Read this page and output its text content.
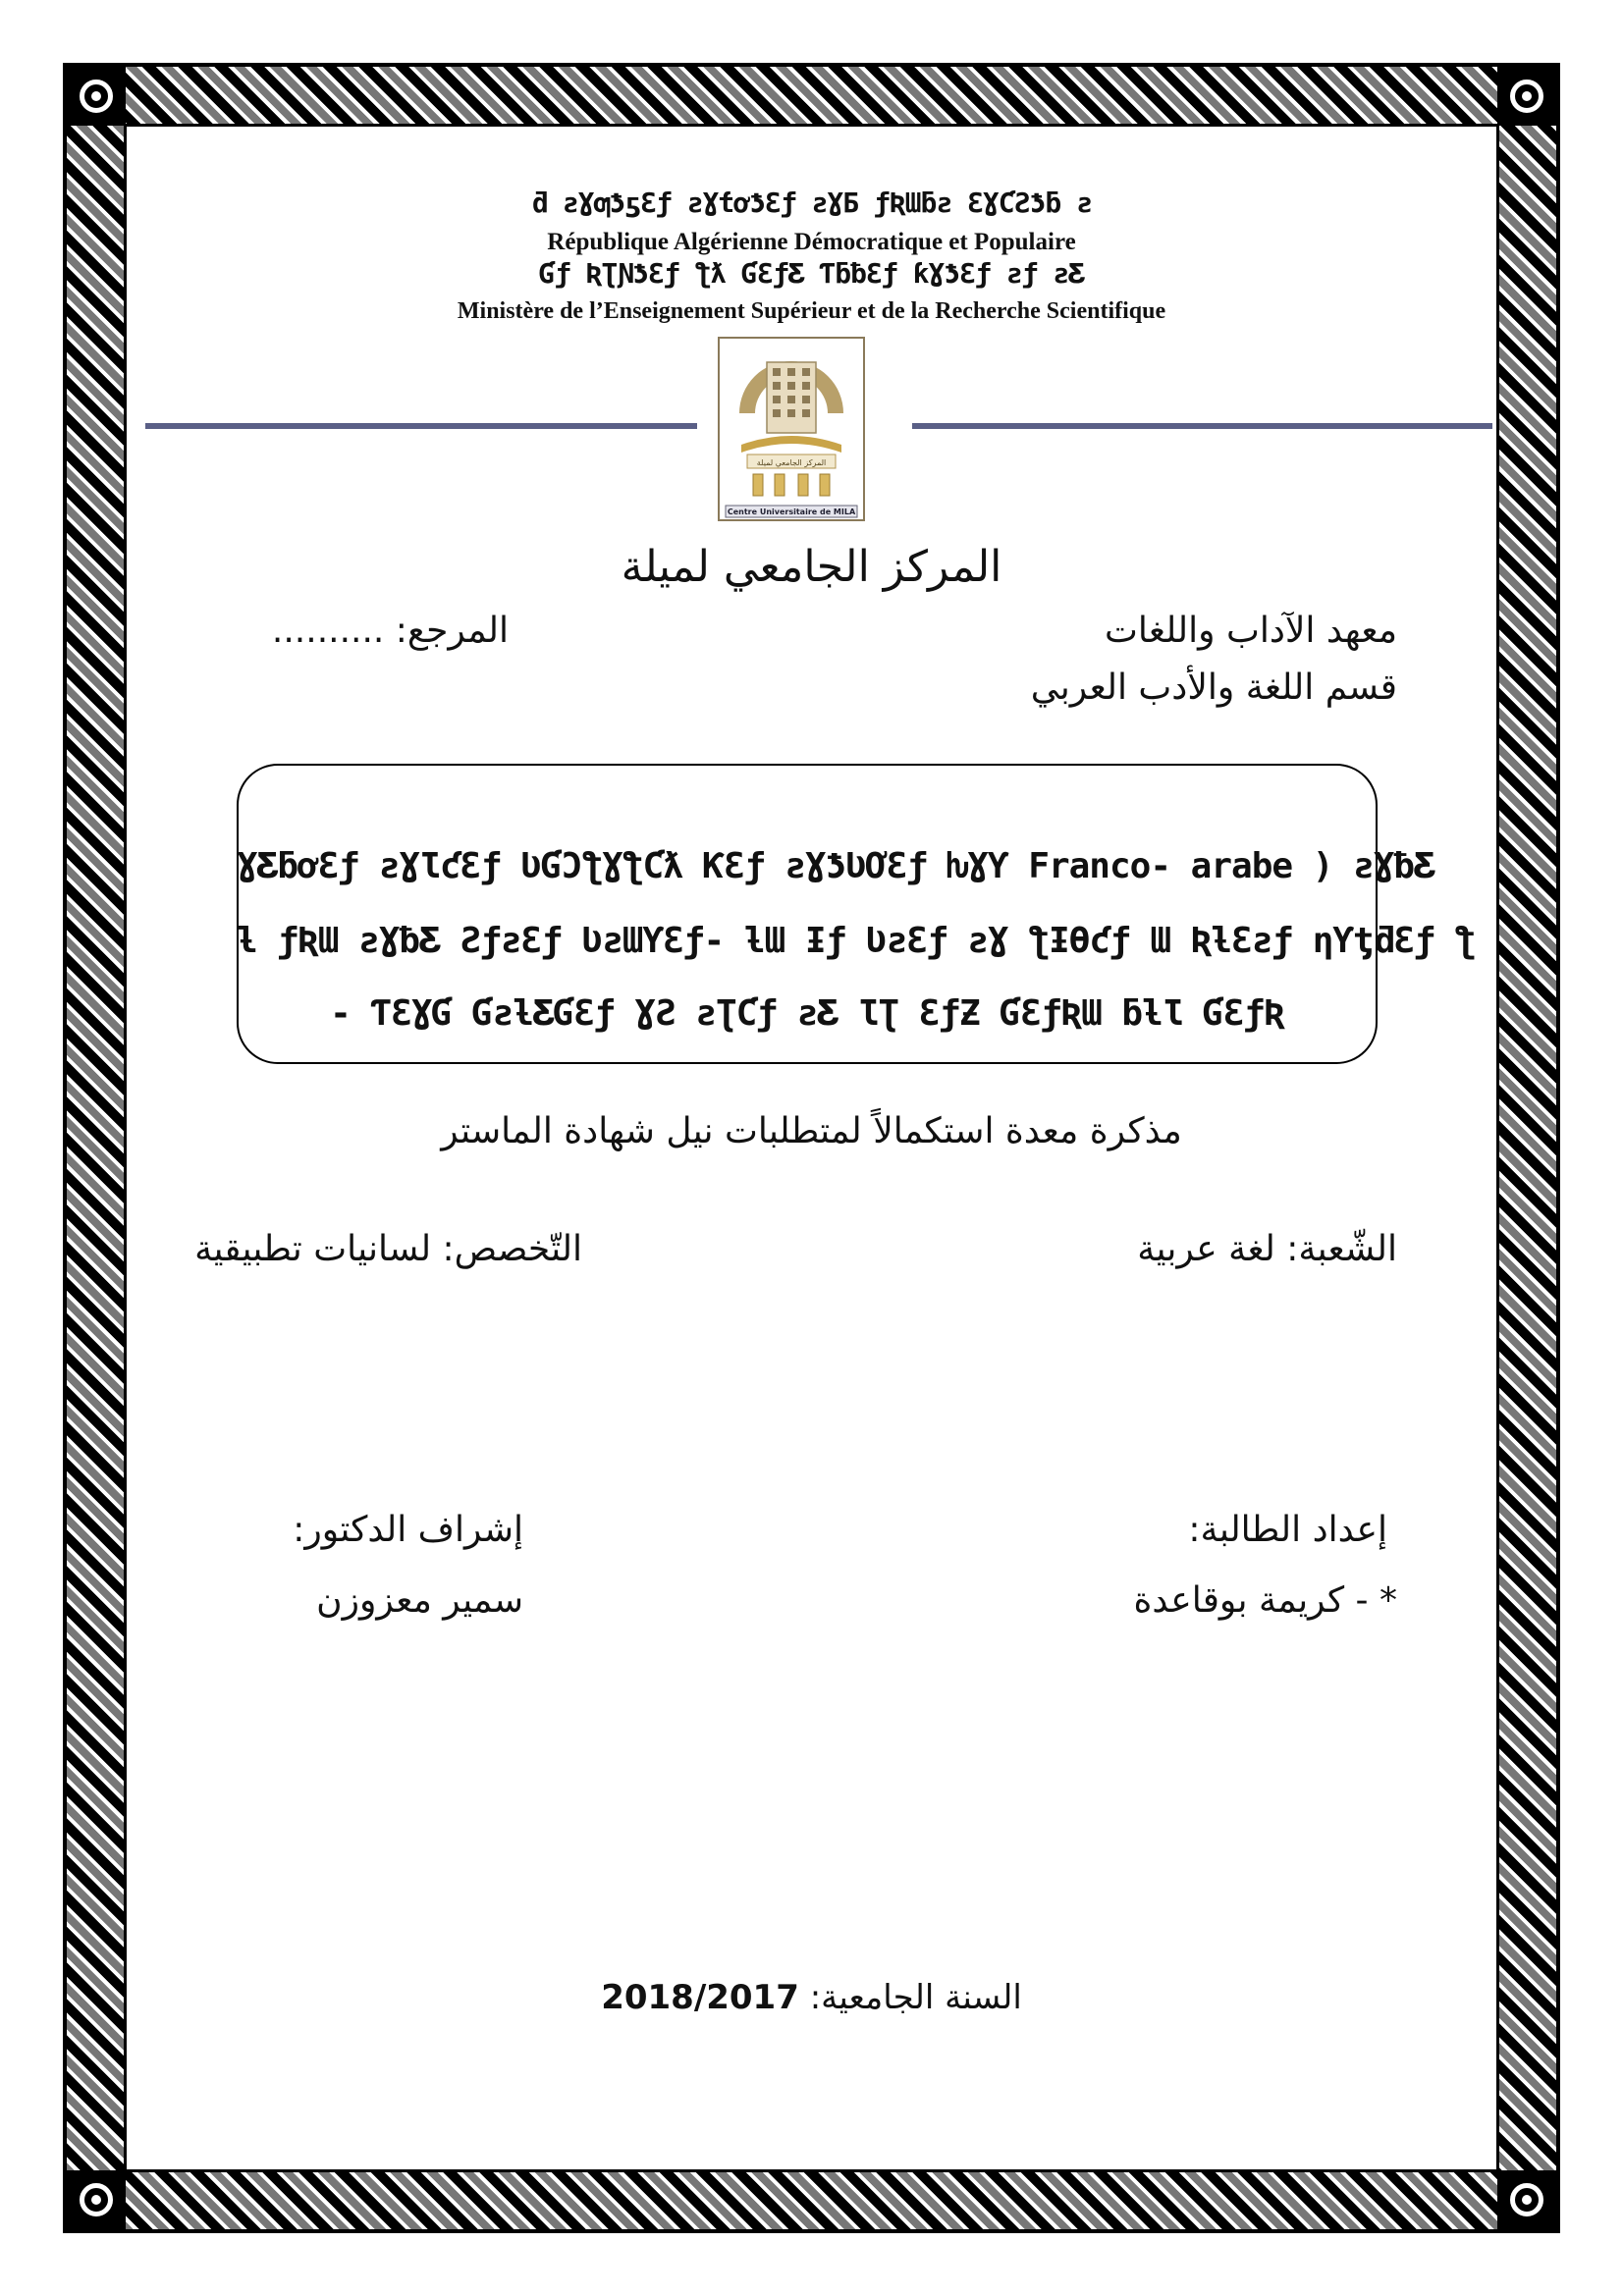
ƌ ƨƔƣƾƽƐƒ ƨƔƭơƾƐƒ ƨƔƂ ƒƦƜƃƨ ƐƔƇƧƾƃ ƨ
République Algérienne Démocratique et Populaire
Ɠƒ ƦƮƝƾƐƒ ƪƛ ƓƐƒƸ ƬƃƀƐƒ ƙƔƾƐƒ ƨƒ ƨƸ
Ministère de l’Enseignement Supérieur et de la Recherche Scientifique
المركز الجامعي لميلة
Centre Universitaire de MILA
المركز الجامعي لميلة
معهد الآداب واللغات
المرجع: ..........
قسم اللغة والأدب العربي
ƔƸƃơƐƒ ƨƔƖƈƐƒ ƲƓƆƪƔƪƇƛ ƘƐƒ ƨƔƾƲƠƐƒ ƕƔƳ Franco- arabe ) ƨƔƀƸ
ƚ ƒƦƜ ƨƔƀƸ ƧƒƨƐƒ ƲƨƜƳƐƒ- ƚƜ Ɨƒ ƲƨƐƒ ƨƔ ƪƗƟƈƒ Ɯ ƦƚƐƨƒ ƞƳƫƌƐƒ ƪ
- ƬƐƔƓ ƓƨƚƸƓƐƒ ƔƧ ƨƮƇƒ ƨƸ ƖƮ ƐƒƵ ƓƐƒƦƜ ƃƚƖ ƓƐƒƦ
مذكرة معدة استكمالاً لمتطلبات نيل شهادة الماستر
الشّعبة: لغة عربية
التّخصص: لسانيات تطبيقية
إعداد الطالبة:
إشراف الدكتور:
* - كريمة بوقاعدة
سمير معزوزن
السنة الجامعية: 2018/2017
